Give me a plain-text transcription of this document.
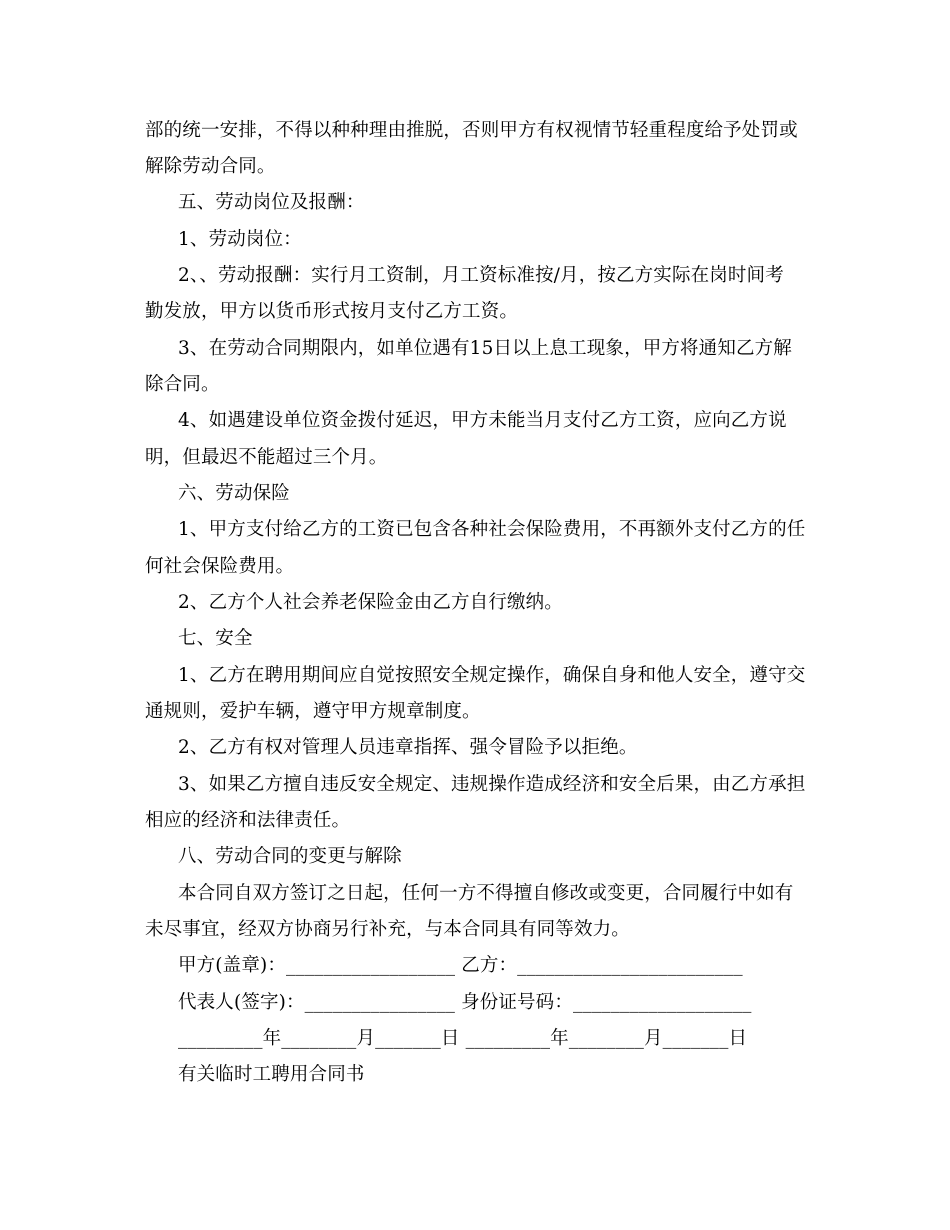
部的统一安排，不得以种种理由推脱，否则甲方有权视情节轻重程度给予处罚或
解除劳动合同。
五、劳动岗位及报酬：
1、劳动岗位：
2、、劳动报酬：实行月工资制，月工资标准按/月，按乙方实际在岗时间考
勤发放，甲方以货币形式按月支付乙方工资。
3、在劳动合同期限内，如单位遇有15日以上息工现象，甲方将通知乙方解
除合同。
4、如遇建设单位资金拨付延迟，甲方未能当月支付乙方工资，应向乙方说
明，但最迟不能超过三个月。
六、劳动保险
1、甲方支付给乙方的工资已包含各种社会保险费用，不再额外支付乙方的任
何社会保险费用。
2、乙方个人社会养老保险金由乙方自行缴纳。
七、安全
1、乙方在聘用期间应自觉按照安全规定操作，确保自身和他人安全，遵守交
通规则，爱护车辆，遵守甲方规章制度。
2、乙方有权对管理人员违章指挥、强令冒险予以拒绝。
3、如果乙方擅自违反安全规定、违规操作造成经济和安全后果，由乙方承担
相应的经济和法律责任。
八、劳动合同的变更与解除
本合同自双方签订之日起，任何一方不得擅自修改或变更，合同履行中如有
未尽事宜，经双方协商另行补充，与本合同具有同等效力。
甲方(盖章)：__________________ 乙方：________________________
代表人(签字)：________________ 身份证号码：___________________
_________年________月_______日 _________年________月_______日
有关临时工聘用合同书
